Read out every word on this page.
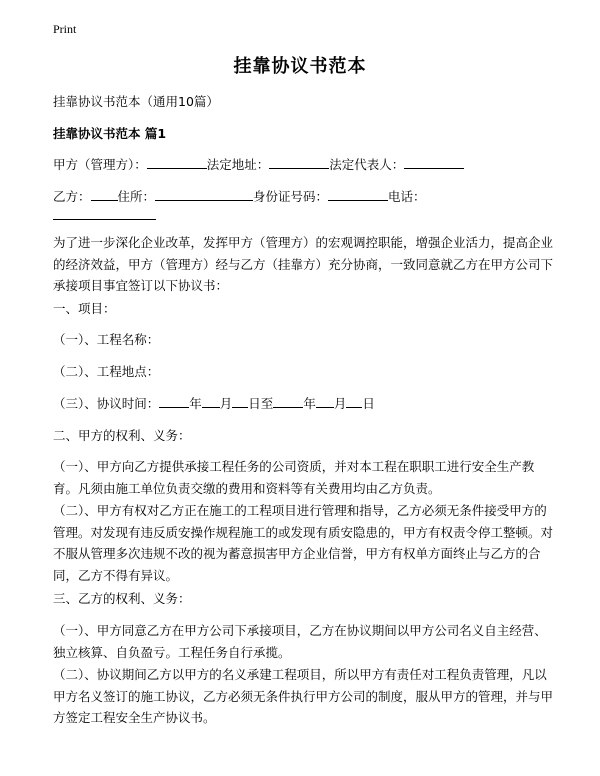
Print
挂靠协议书范本
挂靠协议书范本（通用10篇）
挂靠协议书范本 篇1
甲方（管理方）：	法定地址：	法定代表人：
乙方： 住所：	身份证号码：	电话：
为了进一步深化企业改革，发挥甲方（管理方）的宏观调控职能，增强企业活力，提高企业的经济效益，甲方（管理方）经与乙方（挂靠方）充分协商，一致同意就乙方在甲方公司下承接项目事宜签订以下协议书：
一、项目：
（一）、工程名称：
（二）、工程地点：
（三）、协议时间： 年 月 日至 年 月 日
二、甲方的权利、义务：
（一）、甲方向乙方提供承接工程任务的公司资质，并对本工程在职职工进行安全生产教育。凡须由施工单位负责交缴的费用和资料等有关费用均由乙方负责。
（二）、甲方有权对乙方正在施工的工程项目进行管理和指导，乙方必须无条件接受甲方的管理。对发现有违反质安操作规程施工的或发现有质安隐患的，甲方有权责令停工整顿。对不服从管理多次违规不改的视为蓄意损害甲方企业信誉，甲方有权单方面终止与乙方的合同，乙方不得有异议。
三、乙方的权利、义务：
（一）、甲方同意乙方在甲方公司下承接项目，乙方在协议期间以甲方公司名义自主经营、独立核算、自负盈亏。工程任务自行承揽。
（二）、协议期间乙方以甲方的名义承建工程项目，所以甲方有责任对工程负责管理，凡以甲方名义签订的施工协议，乙方必须无条件执行甲方公司的制度，服从甲方的管理，并与甲方签定工程安全生产协议书。
